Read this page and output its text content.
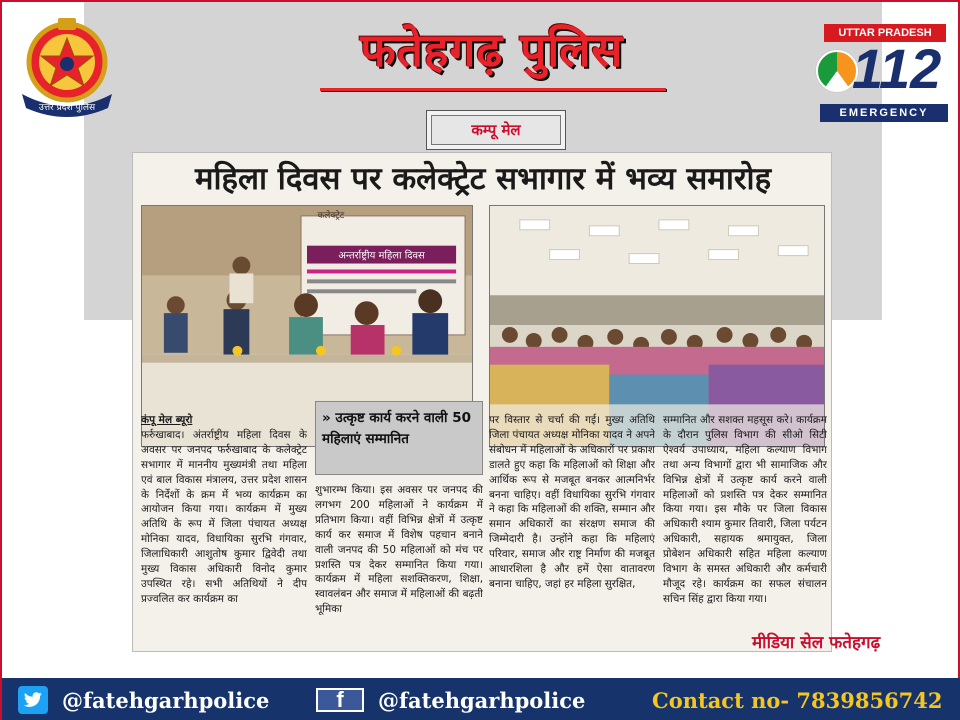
उत्तर प्रदेश पुलिस
फतेहगढ़ पुलिस
कम्पू मेल
UTTAR PRADESH
112
EMERGENCY
महिला दिवस पर कलेक्ट्रेट सभागार में भव्य समारोह
अन्तर्राष्ट्रीय महिला दिवस
कलेक्ट्रेट
कंपू मेल ब्यूरो
फर्रुखाबाद। अंतर्राष्ट्रीय महिला दिवस के अवसर पर जनपद फर्रुखाबाद के कलेक्ट्रेट सभागार में माननीय मुख्यमंत्री तथा महिला एवं बाल विकास मंत्रालय, उत्तर प्रदेश शासन के निर्देशों के क्रम में भव्य कार्यक्रम का आयोजन किया गया। कार्यक्रम में मुख्य अतिथि के रूप में जिला पंचायत अध्यक्ष मोनिका यादव, विधायिका सुरभि गंगवार, जिलाधिकारी आशुतोष कुमार द्विवेदी तथा मुख्य विकास अधिकारी विनोद कुमार उपस्थित रहे। सभी अतिथियों ने दीप प्रज्वलित कर कार्यक्रम का
» उत्कृष्ट कार्य करने वाली 50 महिलाएं सम्मानित
शुभारम्भ किया। इस अवसर पर जनपद की लगभग 200 महिलाओं ने कार्यक्रम में प्रतिभाग किया। वहीं विभिन्न क्षेत्रों में उत्कृष्ट कार्य कर समाज में विशेष पहचान बनाने वाली जनपद की 50 महिलाओं को मंच पर प्रशस्ति पत्र देकर सम्मानित किया गया। कार्यक्रम में महिला सशक्तिकरण, शिक्षा, स्वावलंबन और समाज में महिलाओं की बढ़ती भूमिका
पर विस्तार से चर्चा की गई। मुख्य अतिथि जिला पंचायत अध्यक्ष मोनिका यादव ने अपने संबोधन में महिलाओं के अधिकारों पर प्रकाश डालते हुए कहा कि महिलाओं को शिक्षा और आर्थिक रूप से मजबूत बनकर आत्मनिर्भर बनना चाहिए। वहीं विधायिका सुरभि गंगवार ने कहा कि महिलाओं की शक्ति, सम्मान और समान अधिकारों का संरक्षण समाज की जिम्मेदारी है। उन्होंने कहा कि महिलाएं परिवार, समाज और राष्ट्र निर्माण की मजबूत आधारशिला है और हमें ऐसा वातावरण बनाना चाहिए, जहां हर महिला सुरक्षित,
सम्मानित और सशक्त महसूस करे। कार्यक्रम के दौरान पुलिस विभाग की सीओ सिटी ऐश्वर्य उपाध्याय, महिला कल्याण विभाग तथा अन्य विभागों द्वारा भी सामाजिक और विभिन्न क्षेत्रों में उत्कृष्ट कार्य करने वाली महिलाओं को प्रशस्ति पत्र देकर सम्मानित किया गया। इस मौके पर जिला विकास अधिकारी श्याम कुमार तिवारी, जिला पर्यटन अधिकारी, सहायक श्रमायुक्त, जिला प्रोबेशन अधिकारी सहित महिला कल्याण विभाग के समस्त अधिकारी और कर्मचारी मौजूद रहे। कार्यक्रम का सफल संचालन सचिन सिंह द्वारा किया गया।
मीडिया सेल फतेहगढ़
@fatehgarhpolice	f	@fatehgarhpolice	Contact no- 7839856742
